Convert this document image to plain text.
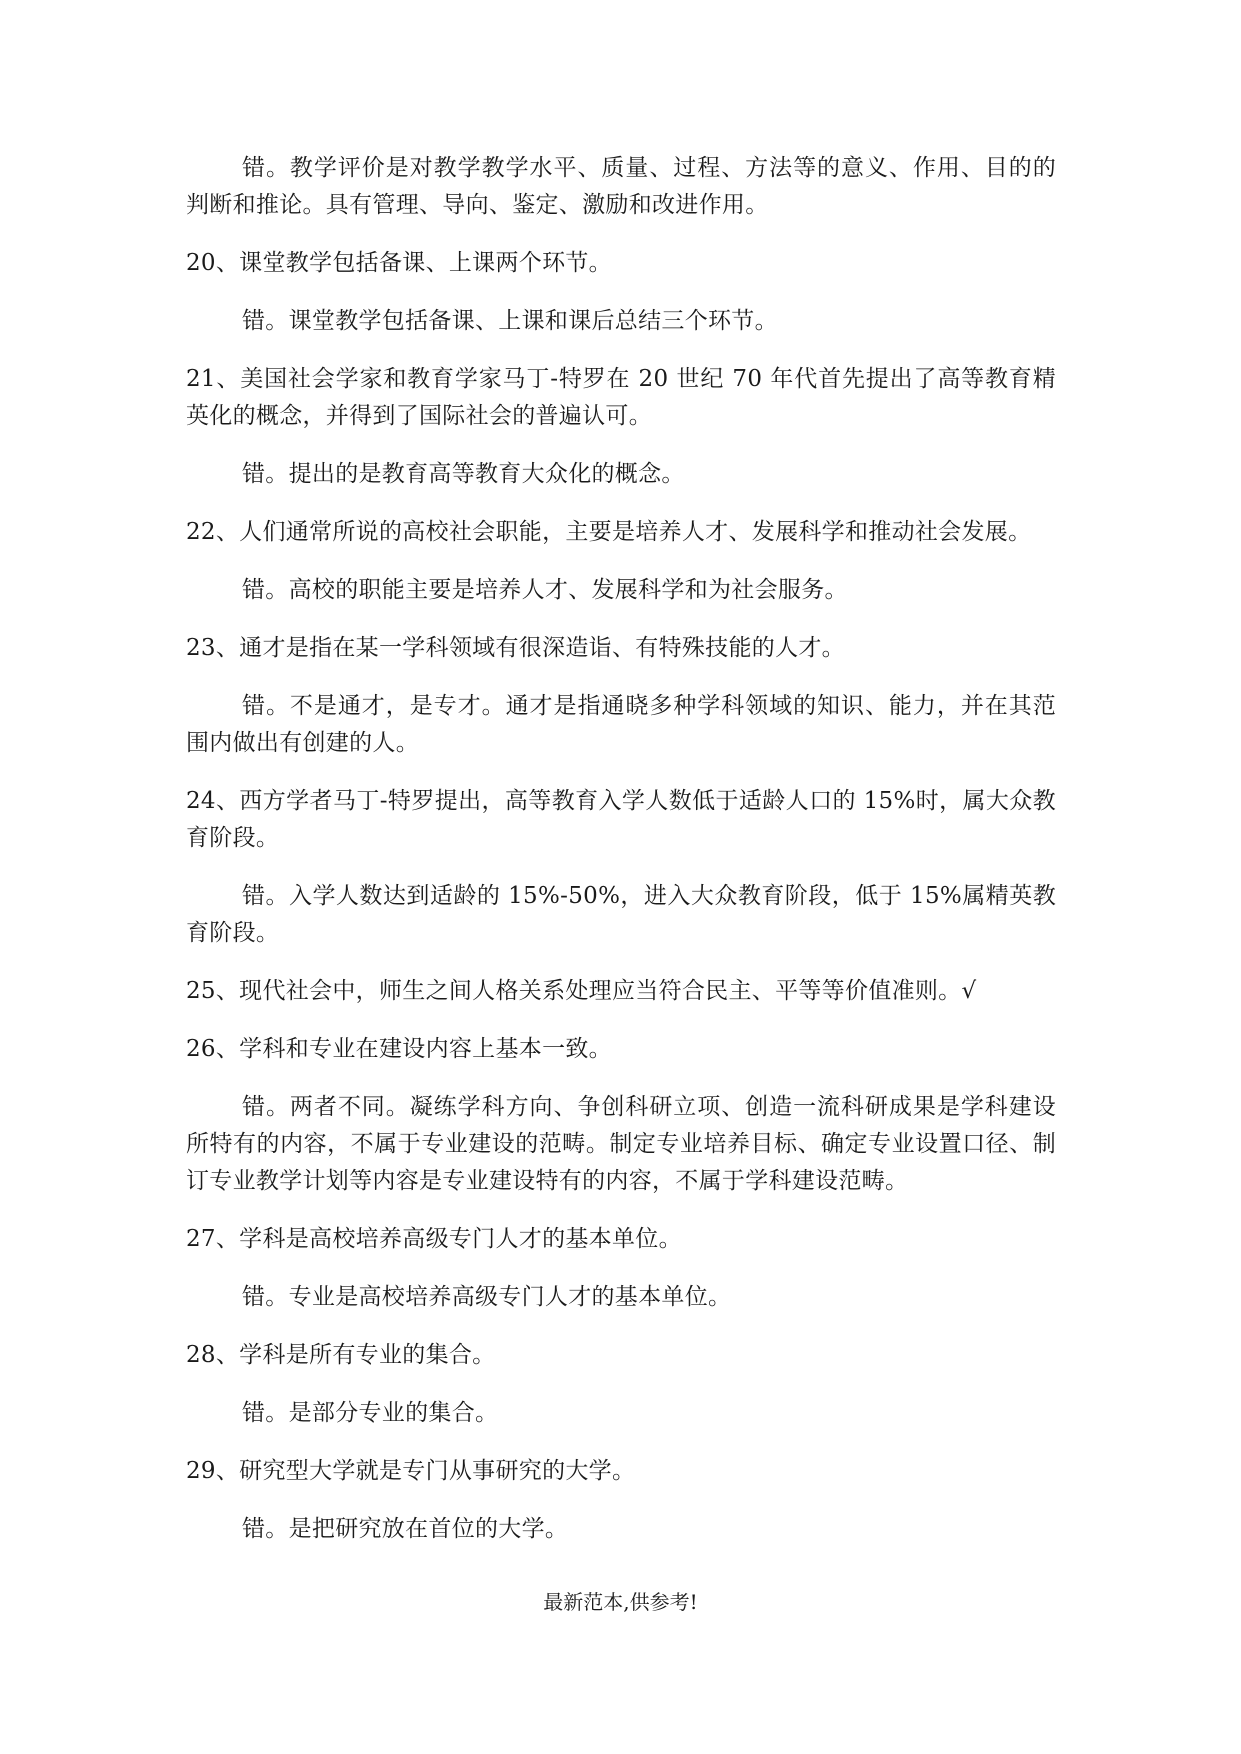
错。教学评价是对教学教学水平、质量、过程、方法等的意义、作用、目的的判断和推论。具有管理、导向、鉴定、激励和改进作用。

20、课堂教学包括备课、上课两个环节。

错。课堂教学包括备课、上课和课后总结三个环节。

21、美国社会学家和教育学家马丁-特罗在 20 世纪 70 年代首先提出了高等教育精英化的概念，并得到了国际社会的普遍认可。

错。提出的是教育高等教育大众化的概念。

22、人们通常所说的高校社会职能，主要是培养人才、发展科学和推动社会发展。

错。高校的职能主要是培养人才、发展科学和为社会服务。

23、通才是指在某一学科领域有很深造诣、有特殊技能的人才。

错。不是通才，是专才。通才是指通晓多种学科领域的知识、能力，并在其范围内做出有创建的人。

24、西方学者马丁-特罗提出，高等教育入学人数低于适龄人口的 15%时，属大众教育阶段。

错。入学人数达到适龄的 15%-50%，进入大众教育阶段，低于 15%属精英教育阶段。

25、现代社会中，师生之间人格关系处理应当符合民主、平等等价值准则。√

26、学科和专业在建设内容上基本一致。

错。两者不同。凝练学科方向、争创科研立项、创造一流科研成果是学科建设所特有的内容，不属于专业建设的范畴。制定专业培养目标、确定专业设置口径、制订专业教学计划等内容是专业建设特有的内容，不属于学科建设范畴。

27、学科是高校培养高级专门人才的基本单位。

错。专业是高校培养高级专门人才的基本单位。

28、学科是所有专业的集合。

错。是部分专业的集合。

29、研究型大学就是专门从事研究的大学。

错。是把研究放在首位的大学。

最新范本,供参考!
